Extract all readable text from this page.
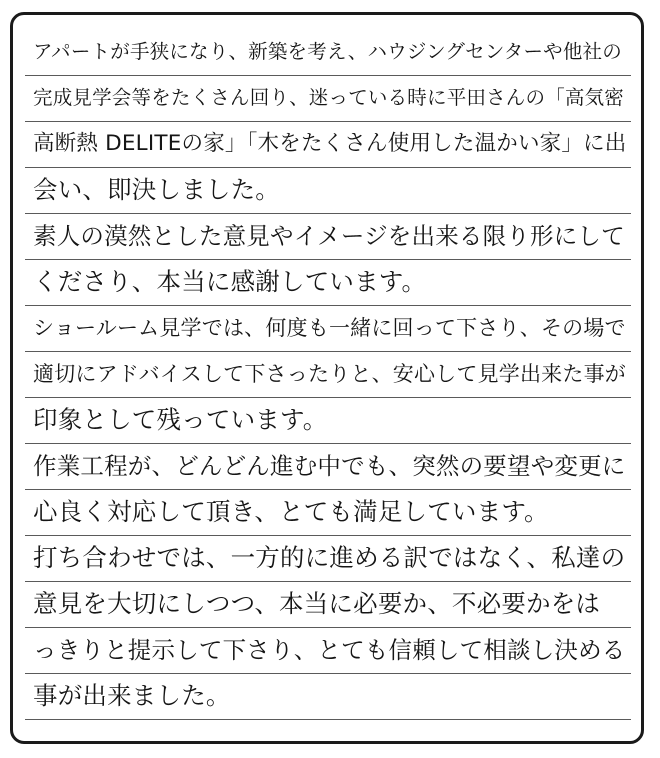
アパートが手狭になり、新築を考え、ハウジングセンターや他社の
完成見学会等をたくさん回り、迷っている時に平田さんの「高気密
高断熱 DELITEの家」「木をたくさん使用した温かい家」に出
会い、即決しました。
素人の漠然とした意見やイメージを出来る限り形にして
くださり、本当に感謝しています。
ショールーム見学では、何度も一緒に回って下さり、その場で
適切にアドバイスして下さったりと、安心して見学出来た事が
印象として残っています。
作業工程が、どんどん進む中でも、突然の要望や変更に
心良く対応して頂き、とても満足しています。
打ち合わせでは、一方的に進める訳ではなく、私達の
意見を大切にしつつ、本当に必要か、不必要かをは
っきりと提示して下さり、とても信頼して相談し決める
事が出来ました。
